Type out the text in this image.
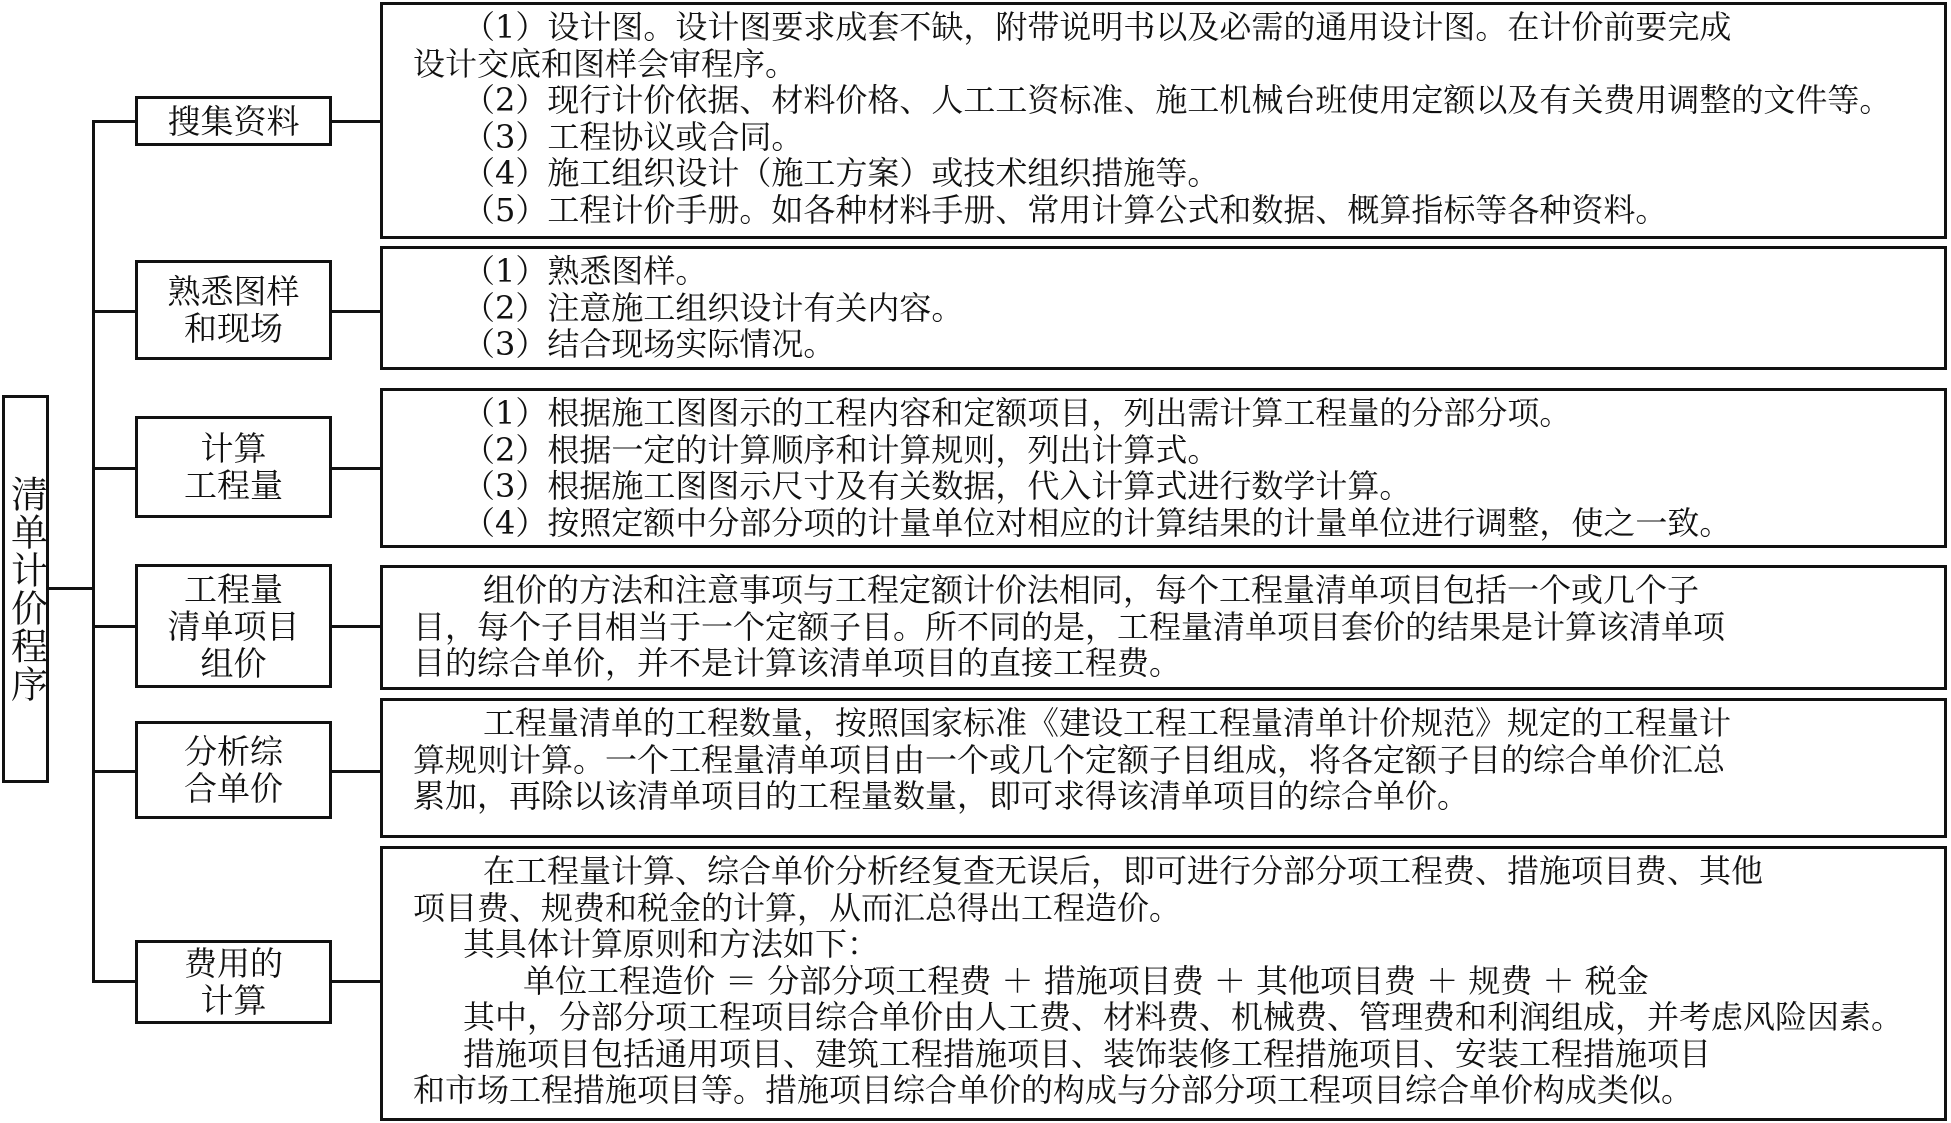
清单计价程序
搜集资料
熟悉图样
和现场
计算
工程量
工程量
清单项目
组价
分析综
合单价
费用的
计算
（1）设计图。设计图要求成套不缺，附带说明书以及必需的通用设计图。在计价前要完成
设计交底和图样会审程序。
（2）现行计价依据、材料价格、人工工资标准、施工机械台班使用定额以及有关费用调整的文件等。
（3）工程协议或合同。
（4）施工组织设计（施工方案）或技术组织措施等。
（5）工程计价手册。如各种材料手册、常用计算公式和数据、概算指标等各种资料。
（1）熟悉图样。
（2）注意施工组织设计有关内容。
（3）结合现场实际情况。
（1）根据施工图图示的工程内容和定额项目，列出需计算工程量的分部分项。
（2）根据一定的计算顺序和计算规则，列出计算式。
（3）根据施工图图示尺寸及有关数据，代入计算式进行数学计算。
（4）按照定额中分部分项的计量单位对相应的计算结果的计量单位进行调整，使之一致。
组价的方法和注意事项与工程定额计价法相同，每个工程量清单项目包括一个或几个子
目，每个子目相当于一个定额子目。所不同的是，工程量清单项目套价的结果是计算该清单项
目的综合单价，并不是计算该清单项目的直接工程费。
工程量清单的工程数量，按照国家标准《建设工程工程量清单计价规范》规定的工程量计
算规则计算。一个工程量清单项目由一个或几个定额子目组成，将各定额子目的综合单价汇总
累加，再除以该清单项目的工程量数量，即可求得该清单项目的综合单价。
在工程量计算、综合单价分析经复查无误后，即可进行分部分项工程费、措施项目费、其他
项目费、规费和税金的计算，从而汇总得出工程造价。
其具体计算原则和方法如下：
单位工程造价 ＝ 分部分项工程费 ＋ 措施项目费 ＋ 其他项目费 ＋ 规费 ＋ 税金
其中，分部分项工程项目综合单价由人工费、材料费、机械费、管理费和利润组成，并考虑风险因素。
措施项目包括通用项目、建筑工程措施项目、装饰装修工程措施项目、安装工程措施项目
和市场工程措施项目等。措施项目综合单价的构成与分部分项工程项目综合单价构成类似。
